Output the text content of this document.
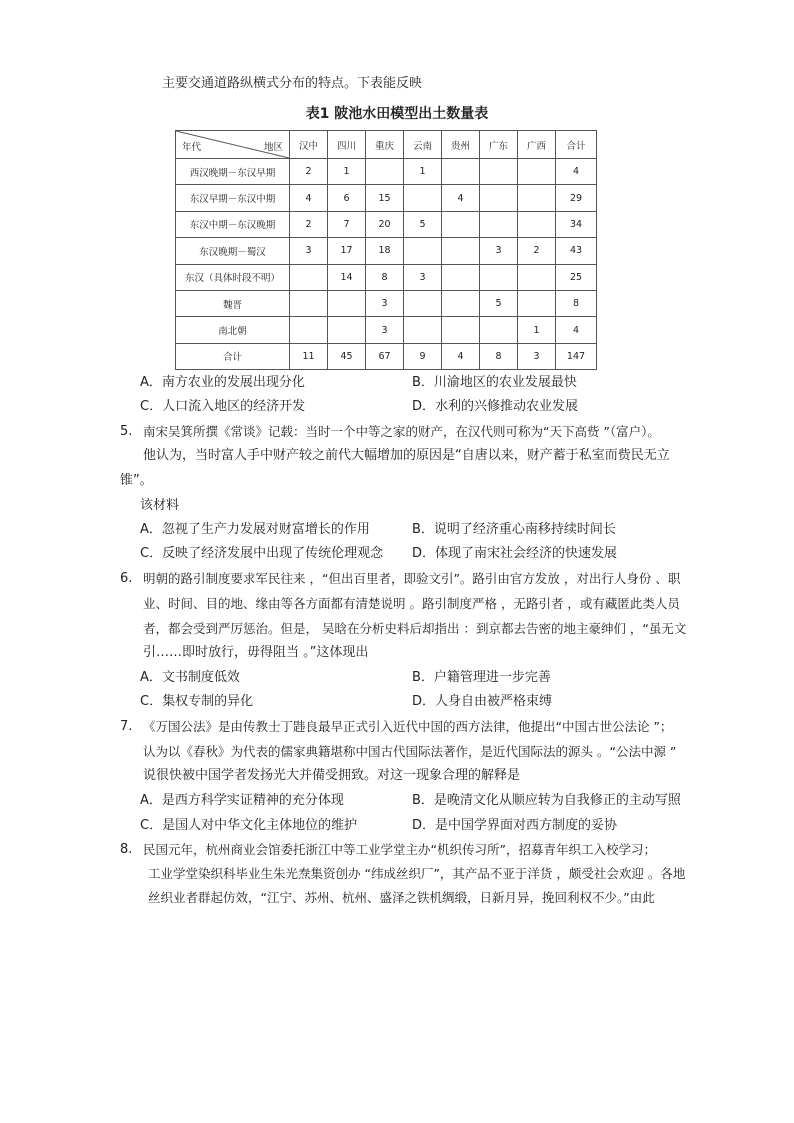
主要交通道路纵横式分布的特点。下表能反映
表1 陂池水田模型出土数量表
年代 地区	汉中	四川	重庆	云南	贵州	广东	广西	合计
西汉晚期－东汉早期	2	1		1				4
东汉早期－东汉中期	4	6	15		4			29
东汉中期－东汉晚期	2	7	20	5				34
东汉晚期－蜀汉	3	17	18			3	2	43
东汉（具体时段不明）		14	8	3				25
魏晋			3			5		8
南北朝			3				1	4
合计	11	45	67	9	4	8	3	147
A．南方农业的发展出现分化	B．川渝地区的农业发展最快
C．人口流入地区的经济开发	D．水利的兴修推动农业发展
5. 南宋吴箕所撰《常谈》记载：当时一个中等之家的财产，在汉代则可称为“天下高赀 ”（富户）。
他认为，当时富人手中财产较之前代大幅增加的原因是“自唐以来，财产蓄于私室而赀民无立
锥”。
该材料
A．忽视了生产力发展对财富增长的作用	B．说明了经济重心南移持续时间长
C．反映了经济发展中出现了传统伦理观念 D．体现了南宋社会经济的快速发展
6. 明朝的路引制度要求军民往来 ，“但出百里者，即验文引”。路引由官方发放 ，对出行人身份 、职
业、时间、目的地、缘由等各方面都有清楚说明 。路引制度严格 ，无路引者 ，或有藏匿此类人员
者，都会受到严厉惩治。但是， 吴晗在分析史料后却指出 ：到京都去告密的地主豪绅们 ，“虽无文
引……即时放行，毋得阻当 。”这体现出
A．文书制度低效	B．户籍管理进一步完善
C．集权专制的异化	D．人身自由被严格束缚
7. 《万国公法》是由传教士丁韪良最早正式引入近代中国的西方法律，他提出“中国古世公法论 ”；
认为以《春秋》为代表的儒家典籍堪称中国古代国际法著作，是近代国际法的源头 。“公法中源 ”
说很快被中国学者发扬光大并備受拥致。对这一现象合理的解释是
A．是西方科学实证精神的充分体现	B．是晚清文化从顺应转为自我修正的主动写照
C．是国人对中华文化主体地位的维护	D．是中国学界面对西方制度的妥协
8. 民国元年，杭州商业会馆委托浙江中等工业学堂主办“机织传习所”，招募青年织工入校学习；
工业学堂染织科毕业生朱光焘集资创办 “纬成丝织厂”，其产品不亚于洋货 ，颇受社会欢迎 。各地
丝织业者群起仿效，“江宁、苏州、杭州、盛泽之铁机绸缎，日新月异，挽回利权不少。”由此
